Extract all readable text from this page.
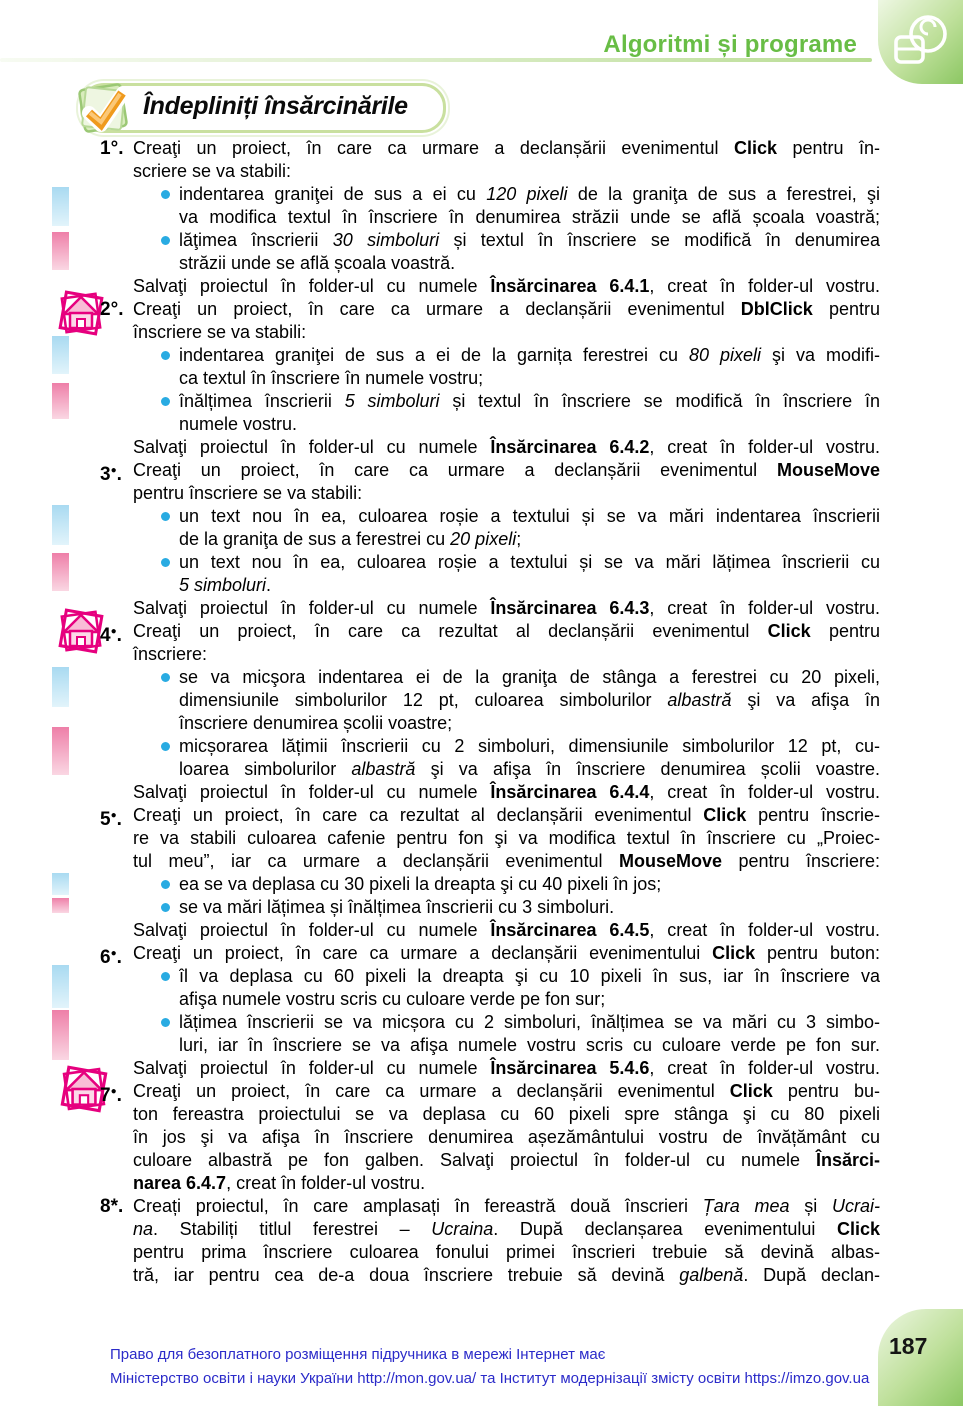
Algoritmi și programe
Îndepliniți însărcinările
1°. Creaţi un proiect, în care ca urmare a declanșării evenimentul Click pentru în-
scriere se va stabili:
indentarea graniţei de sus a ei cu 120 pixeli de la graniţa de sus a ferestrei, şi
va modifica textul în înscriere în denumirea străzii unde se află școala voastră;
lăţimea înscrierii 30 simboluri și textul în înscriere se modifică în denumirea
străzii unde se află școala voastră.
Salvaţi proiectul în folder-ul cu numele Însărcinarea 6.4.1, creat în folder-ul vostru.
2°. Creaţi un proiect, în care ca urmare a declanșării evenimentul DblClick pentru
înscriere se va stabili:
indentarea graniţei de sus a ei de la garnița ferestrei cu 80 pixeli şi va modifi-
ca textul în înscriere în numele vostru;
înălțimea înscrierii 5 simboluri și textul în înscriere se modifică în înscriere în
numele vostru.
Salvaţi proiectul în folder-ul cu numele Însărcinarea 6.4.2, creat în folder-ul vostru.
3●. Creaţi un proiect, în care ca urmare a declanșării evenimentul MouseMove
pentru înscriere se va stabili:
un text nou în ea, culoarea roșie a textului și se va mări indentarea înscrierii
de la graniţa de sus a ferestrei cu 20 pixeli;
un text nou în ea, culoarea roșie a textului și se va mări lățimea înscrierii cu
5 simboluri.
Salvaţi proiectul în folder-ul cu numele Însărcinarea 6.4.3, creat în folder-ul vostru.
4●. Creaţi un proiect, în care ca rezultat al declanșării evenimentul Click pentru
înscriere:
se va micşora indentarea ei de la graniţa de stânga a ferestrei cu 20 pixeli,
dimensiunile simbolurilor 12 pt, culoarea simbolurilor albastră şi va afişa în
înscriere denumirea școlii voastre;
micșorarea lățimii înscrierii cu 2 simboluri, dimensiunile simbolurilor 12 pt, cu-
loarea simbolurilor albastră şi va afişa în înscriere denumirea școlii voastre.
Salvaţi proiectul în folder-ul cu numele Însărcinarea 6.4.4, creat în folder-ul vostru.
5●. Creaţi un proiect, în care ca rezultat al declanșării evenimentul Click pentru înscrie-
re va stabili culoarea cafenie pentru fon şi va modifica textul în înscriere cu „Proiec-
tul meu”, iar ca urmare a declanșării evenimentul MouseMove pentru înscriere:
ea se va deplasa cu 30 pixeli la dreapta şi cu 40 pixeli în jos;
se va mări lățimea și înălțimea înscrierii cu 3 simboluri.
Salvaţi proiectul în folder-ul cu numele Însărcinarea 6.4.5, creat în folder-ul vostru.
6●. Creaţi un proiect, în care ca urmare a declanșării evenimentului Click pentru buton:
îl va deplasa cu 60 pixeli la dreapta şi cu 10 pixeli în sus, iar în înscriere va
afişa numele vostru scris cu culoare verde pe fon sur;
lățimea înscrierii se va micșora cu 2 simboluri, înălțimea se va mări cu 3 simbo-
luri, iar în înscriere se va afişa numele vostru scris cu culoare verde pe fon sur.
Salvaţi proiectul în folder-ul cu numele Însărcinarea 5.4.6, creat în folder-ul vostru.
7●. Creaţi un proiect, în care ca urmare a declanșării evenimentul Click pentru bu-
ton fereastra proiectului se va deplasa cu 60 pixeli spre stânga şi cu 80 pixeli
în jos şi va afişa în înscriere denumirea așezământului vostru de învățământ cu
culoare albastră pe fon galben. Salvaţi proiectul în folder-ul cu numele Însărci-
narea 6.4.7, creat în folder-ul vostru.
8*. Creați proiectul, în care amplasați în fereastră două înscrieri Țara mea și Ucrai-
na. Stabiliți titlul ferestrei – Ucraina. După declanșarea evenimentului Click
pentru prima înscriere culoarea fonului primei înscrieri trebuie să devină albas-
tră, iar pentru cea de-a doua înscriere trebuie să devină galbenă. După declan-
Право для безоплатного розміщення підручника в мережі Інтернет має
Міністерство освіти і науки України http://mon.gov.ua/ та Інститут модернізації змісту освіти https://imzo.gov.ua
187
